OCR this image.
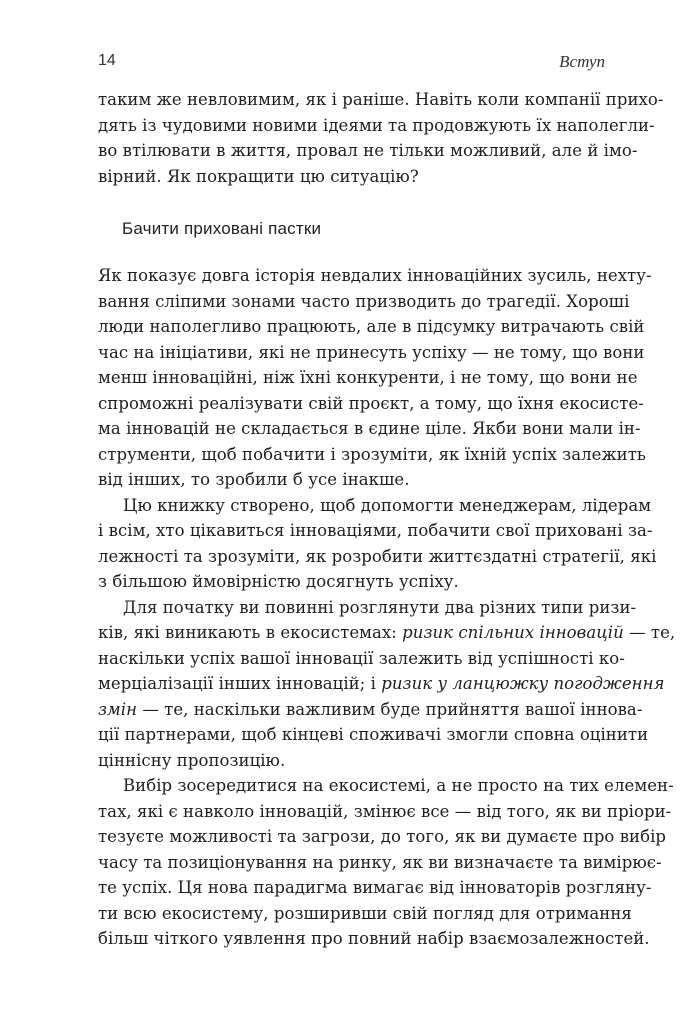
14	Вступ
таким же невловимим, як і раніше. Навіть коли компанії прихо-
дять із чудовими новими ідеями та продовжують їх наполегли-
во втілювати в життя, провал не тільки можливий, але й імо-
вірний. Як покращити цю ситуацію?
Бачити приховані пастки
Як показує довга історія невдалих інноваційних зусиль, нехту-
вання сліпими зонами часто призводить до трагедії. Хороші
люди наполегливо працюють, але в підсумку витрачають свій
час на ініціативи, які не принесуть успіху — не тому, що вони
менш інноваційні, ніж їхні конкуренти, і не тому, що вони не
спроможні реалізувати свій проєкт, а тому, що їхня екосисте-
ма інновацій не складається в єдине ціле. Якби вони мали ін-
струменти, щоб побачити і зрозуміти, як їхній успіх залежить
від інших, то зробили б усе інакше.
Цю книжку створено, щоб допомогти менеджерам, лідерам
і всім, хто цікавиться інноваціями, побачити свої приховані за-
лежності та зрозуміти, як розробити життєздатні стратегії, які
з більшою ймовірністю досягнуть успіху.
Для початку ви повинні розглянути два різних типи ризи-
ків, які виникають в екосистемах: ризик спільних інновацій — те,
наскільки успіх вашої інновації залежить від успішності ко-
мерціалізації інших інновацій; і ризик у ланцюжку погодження
змін — те, наскільки важливим буде прийняття вашої іннова-
ції партнерами, щоб кінцеві споживачі змогли сповна оцінити
ціннісну пропозицію.
Вибір зосередитися на екосистемі, а не просто на тих елемен-
тах, які є навколо інновацій, змінює все — від того, як ви пріори-
тезуєте можливості та загрози, до того, як ви думаєте про вибір
часу та позиціонування на ринку, як ви визначаєте та вимірює-
те успіх. Ця нова парадигма вимагає від інноваторів розгляну-
ти всю екосистему, розширивши свій погляд для отримання
більш чіткого уявлення про повний набір взаємозалежностей.
